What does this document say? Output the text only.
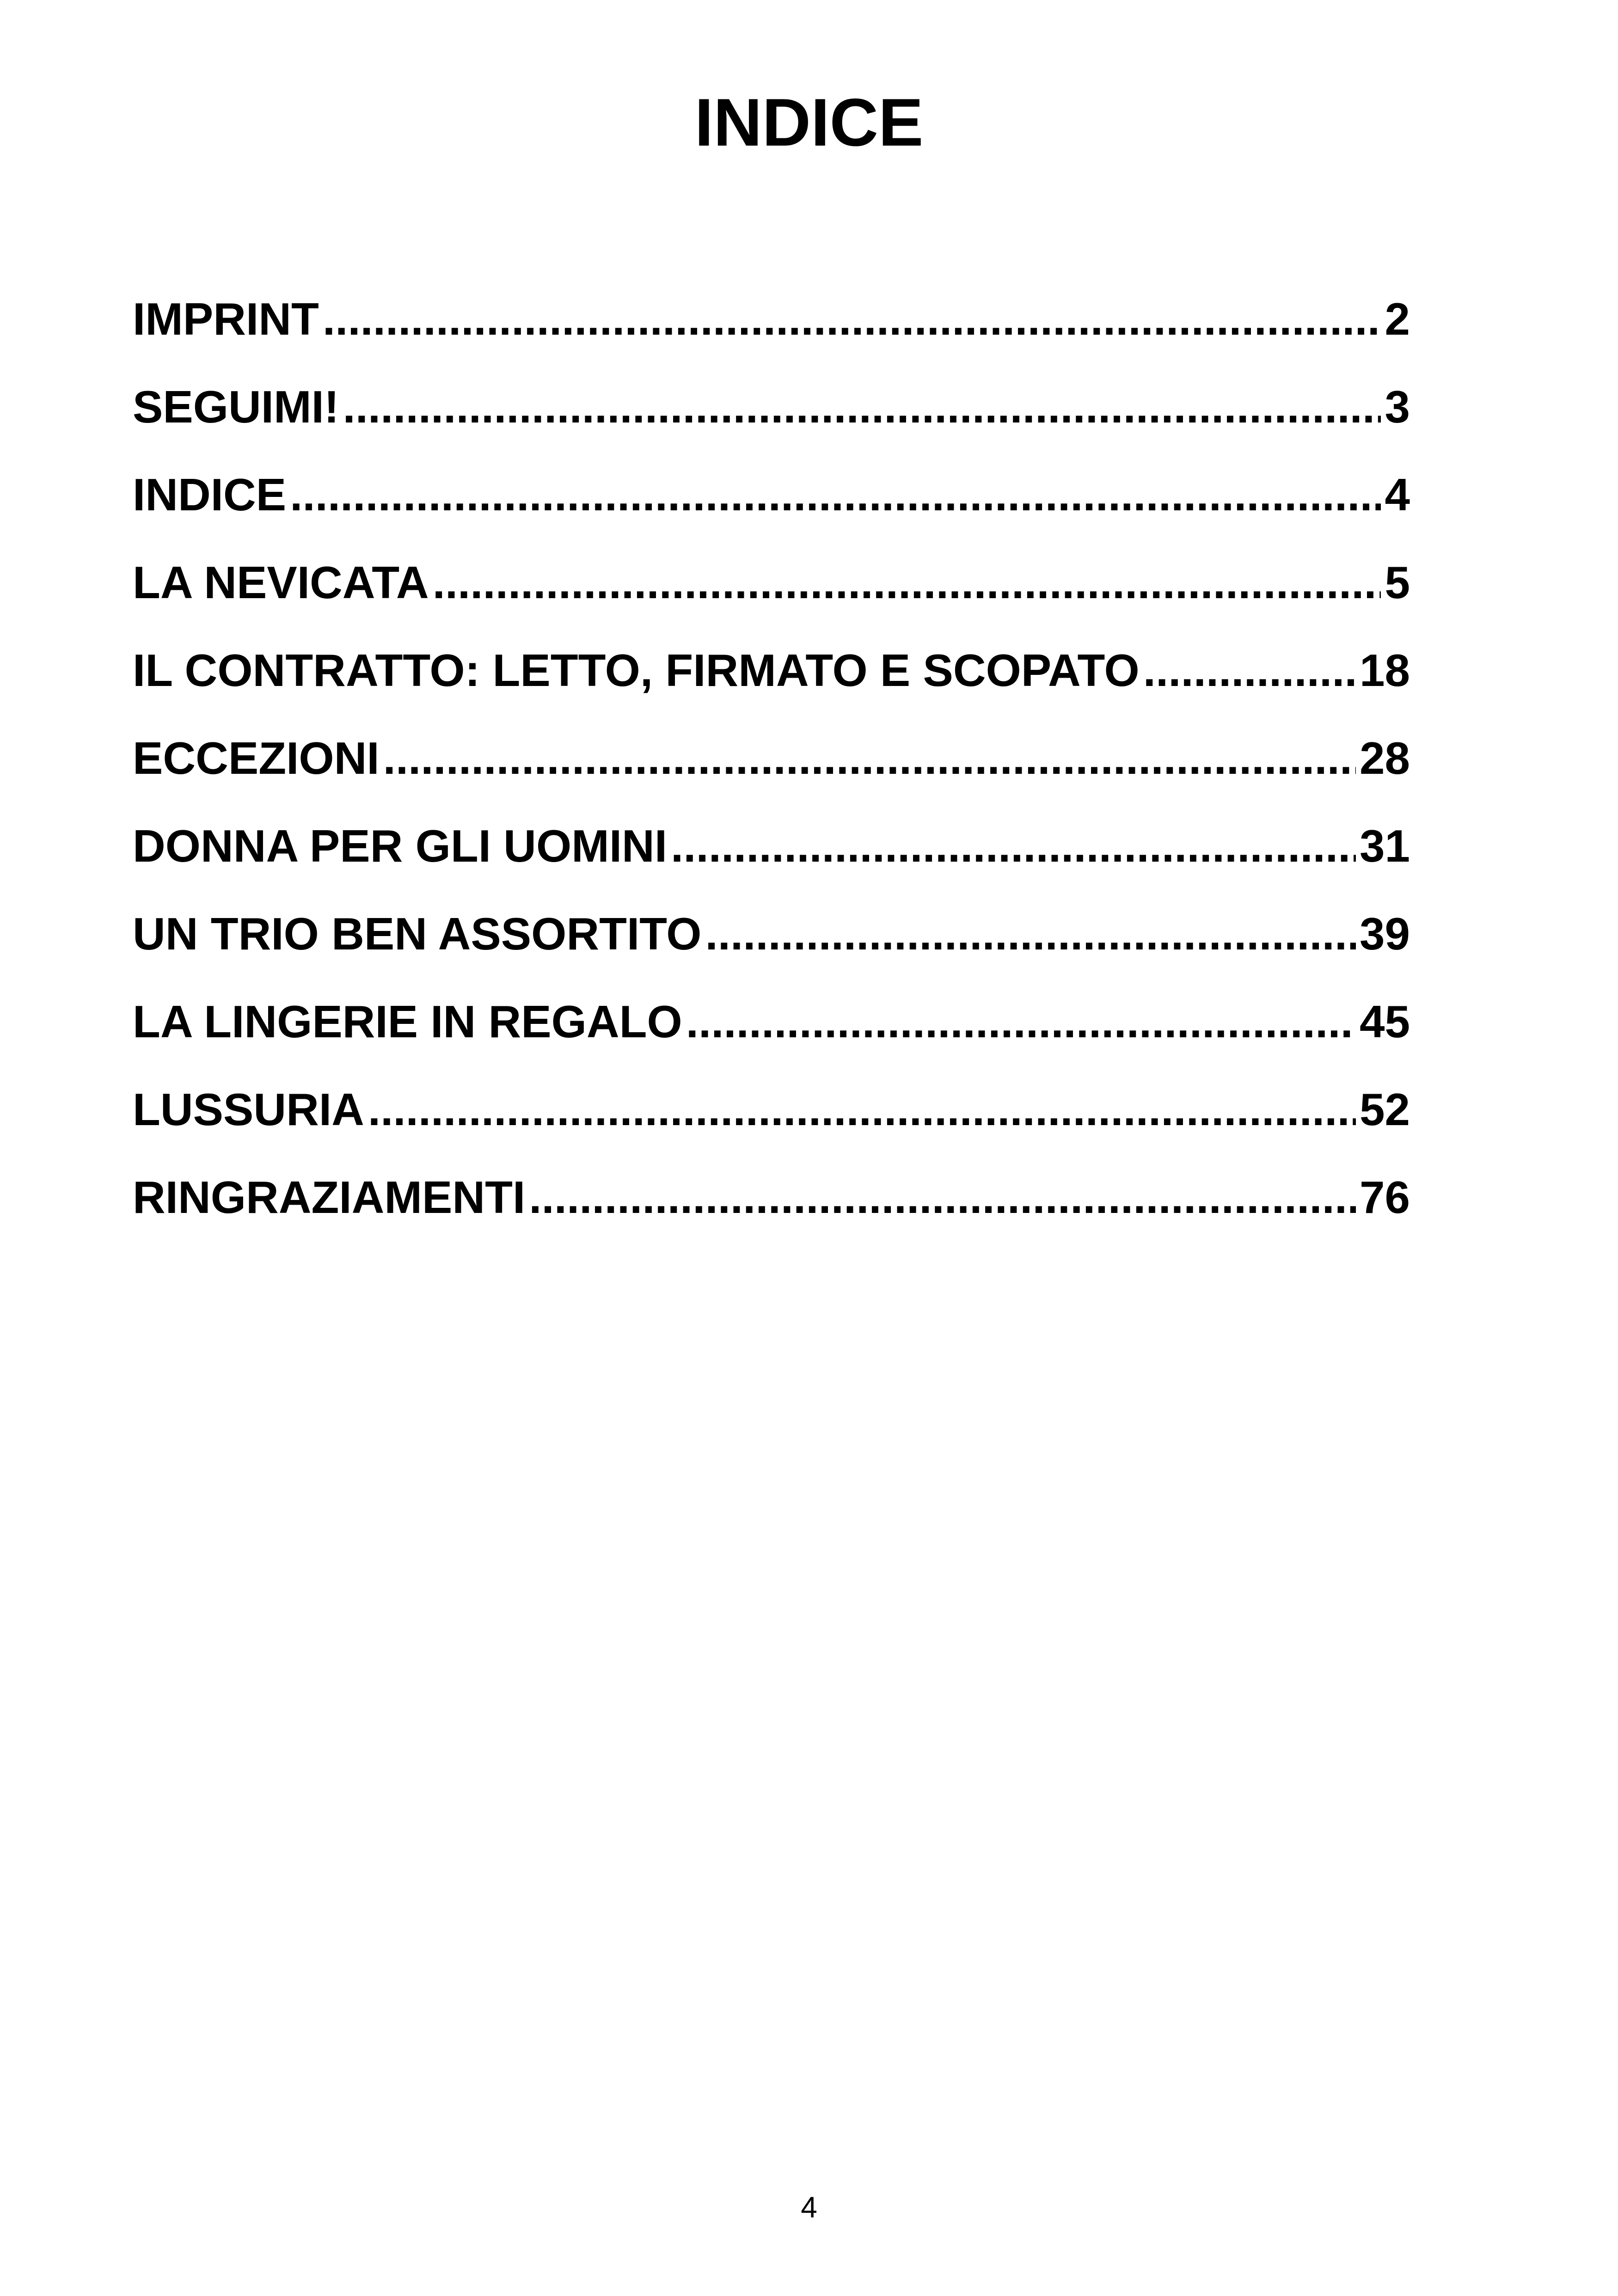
INDICE
IMPRINT .....	2
SEGUIMI! .....	3
INDICE .....	4
LA NEVICATA .....	5
IL CONTRATTO: LETTO, FIRMATO E SCOPATO .....	18
ECCEZIONI .....	28
DONNA PER GLI UOMINI .....	31
UN TRIO BEN ASSORTITO .....	39
LA LINGERIE IN REGALO .....	45
LUSSURIA .....	52
RINGRAZIAMENTI .....	76
4
